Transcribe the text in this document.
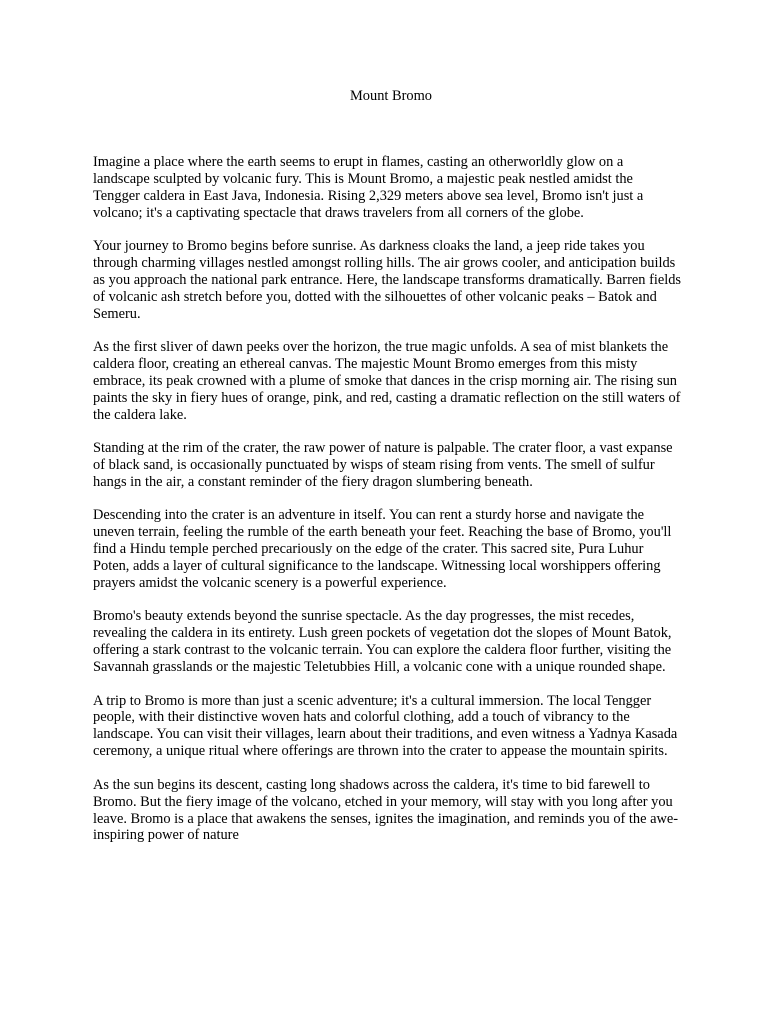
Mount Bromo

Imagine a place where the earth seems to erupt in flames, casting an otherworldly glow on a landscape sculpted by volcanic fury. This is Mount Bromo, a majestic peak nestled amidst the Tengger caldera in East Java, Indonesia. Rising 2,329 meters above sea level, Bromo isn't just a volcano; it's a captivating spectacle that draws travelers from all corners of the globe.

Your journey to Bromo begins before sunrise. As darkness cloaks the land, a jeep ride takes you through charming villages nestled amongst rolling hills. The air grows cooler, and anticipation builds as you approach the national park entrance. Here, the landscape transforms dramatically. Barren fields of volcanic ash stretch before you, dotted with the silhouettes of other volcanic peaks – Batok and Semeru.

As the first sliver of dawn peeks over the horizon, the true magic unfolds. A sea of mist blankets the caldera floor, creating an ethereal canvas. The majestic Mount Bromo emerges from this misty embrace, its peak crowned with a plume of smoke that dances in the crisp morning air. The rising sun paints the sky in fiery hues of orange, pink, and red, casting a dramatic reflection on the still waters of the caldera lake.

Standing at the rim of the crater, the raw power of nature is palpable. The crater floor, a vast expanse of black sand, is occasionally punctuated by wisps of steam rising from vents. The smell of sulfur hangs in the air, a constant reminder of the fiery dragon slumbering beneath.

Descending into the crater is an adventure in itself. You can rent a sturdy horse and navigate the uneven terrain, feeling the rumble of the earth beneath your feet. Reaching the base of Bromo, you'll find a Hindu temple perched precariously on the edge of the crater. This sacred site, Pura Luhur Poten, adds a layer of cultural significance to the landscape. Witnessing local worshippers offering prayers amidst the volcanic scenery is a powerful experience.

Bromo's beauty extends beyond the sunrise spectacle. As the day progresses, the mist recedes, revealing the caldera in its entirety. Lush green pockets of vegetation dot the slopes of Mount Batok, offering a stark contrast to the volcanic terrain. You can explore the caldera floor further, visiting the Savannah grasslands or the majestic Teletubbies Hill, a volcanic cone with a unique rounded shape.

A trip to Bromo is more than just a scenic adventure; it's a cultural immersion. The local Tengger people, with their distinctive woven hats and colorful clothing, add a touch of vibrancy to the landscape. You can visit their villages, learn about their traditions, and even witness a Yadnya Kasada ceremony, a unique ritual where offerings are thrown into the crater to appease the mountain spirits.

As the sun begins its descent, casting long shadows across the caldera, it's time to bid farewell to Bromo. But the fiery image of the volcano, etched in your memory, will stay with you long after you leave. Bromo is a place that awakens the senses, ignites the imagination, and reminds you of the awe-inspiring power of nature
